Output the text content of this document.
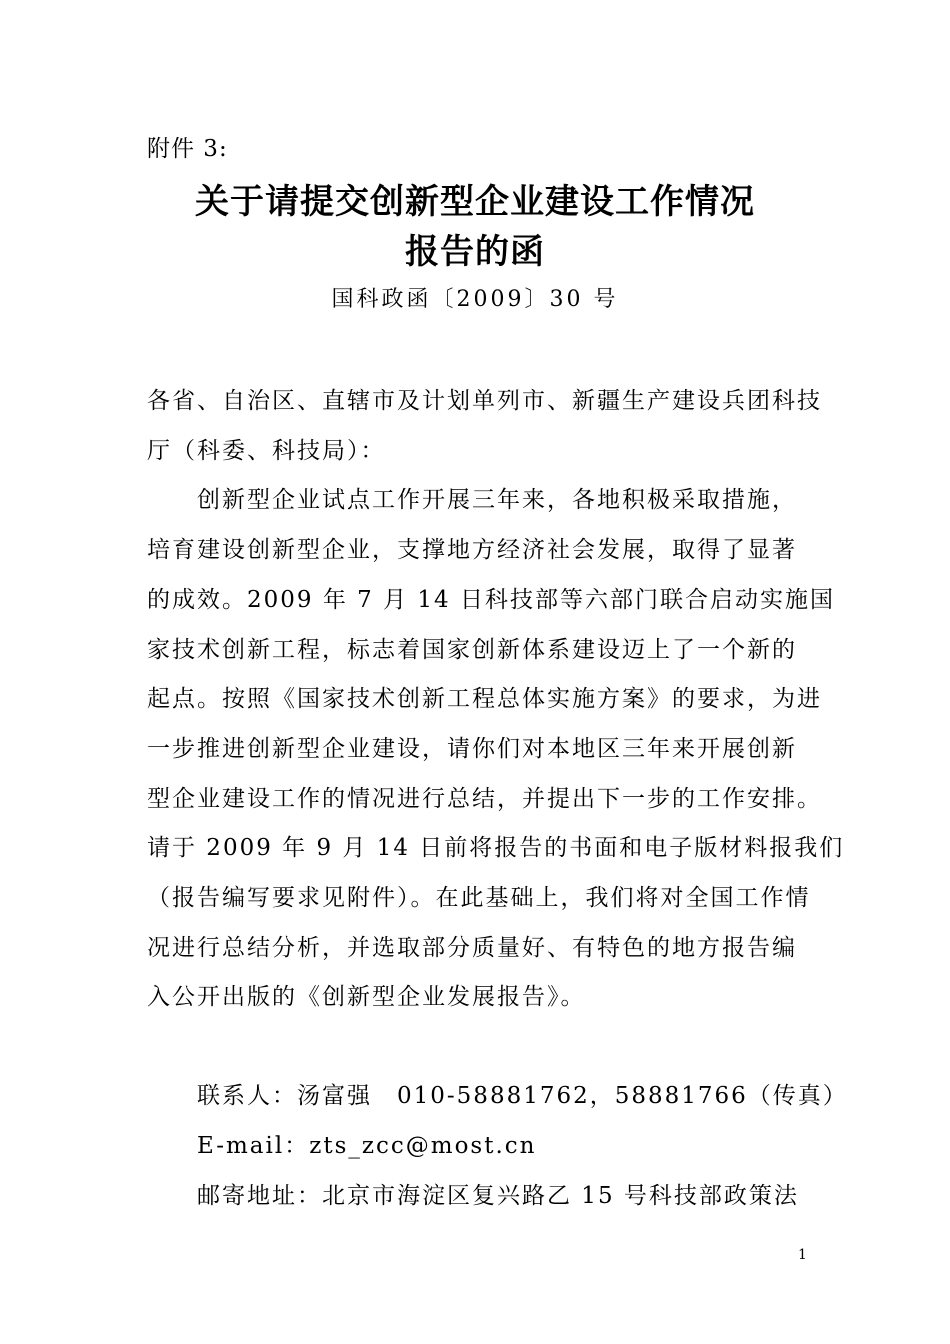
附件 3:
关于请提交创新型企业建设工作情况
报告的函
国科政函〔2009〕30 号
各省、自治区、直辖市及计划单列市、新疆生产建设兵团科技
厅（科委、科技局）：
创新型企业试点工作开展三年来，各地积极采取措施，
培育建设创新型企业，支撑地方经济社会发展，取得了显著
的成效。2009 年 7 月 14 日科技部等六部门联合启动实施国
家技术创新工程，标志着国家创新体系建设迈上了一个新的
起点。按照《国家技术创新工程总体实施方案》的要求，为进
一步推进创新型企业建设，请你们对本地区三年来开展创新
型企业建设工作的情况进行总结，并提出下一步的工作安排。
请于 2009 年 9 月 14 日前将报告的书面和电子版材料报我们
（报告编写要求见附件）。在此基础上，我们将对全国工作情
况进行总结分析，并选取部分质量好、有特色的地方报告编
入公开出版的《创新型企业发展报告》。
联系人：汤富强　010-58881762，58881766（传真）
E-mail：zts_zcc@most.cn
邮寄地址：北京市海淀区复兴路乙 15 号科技部政策法
1
